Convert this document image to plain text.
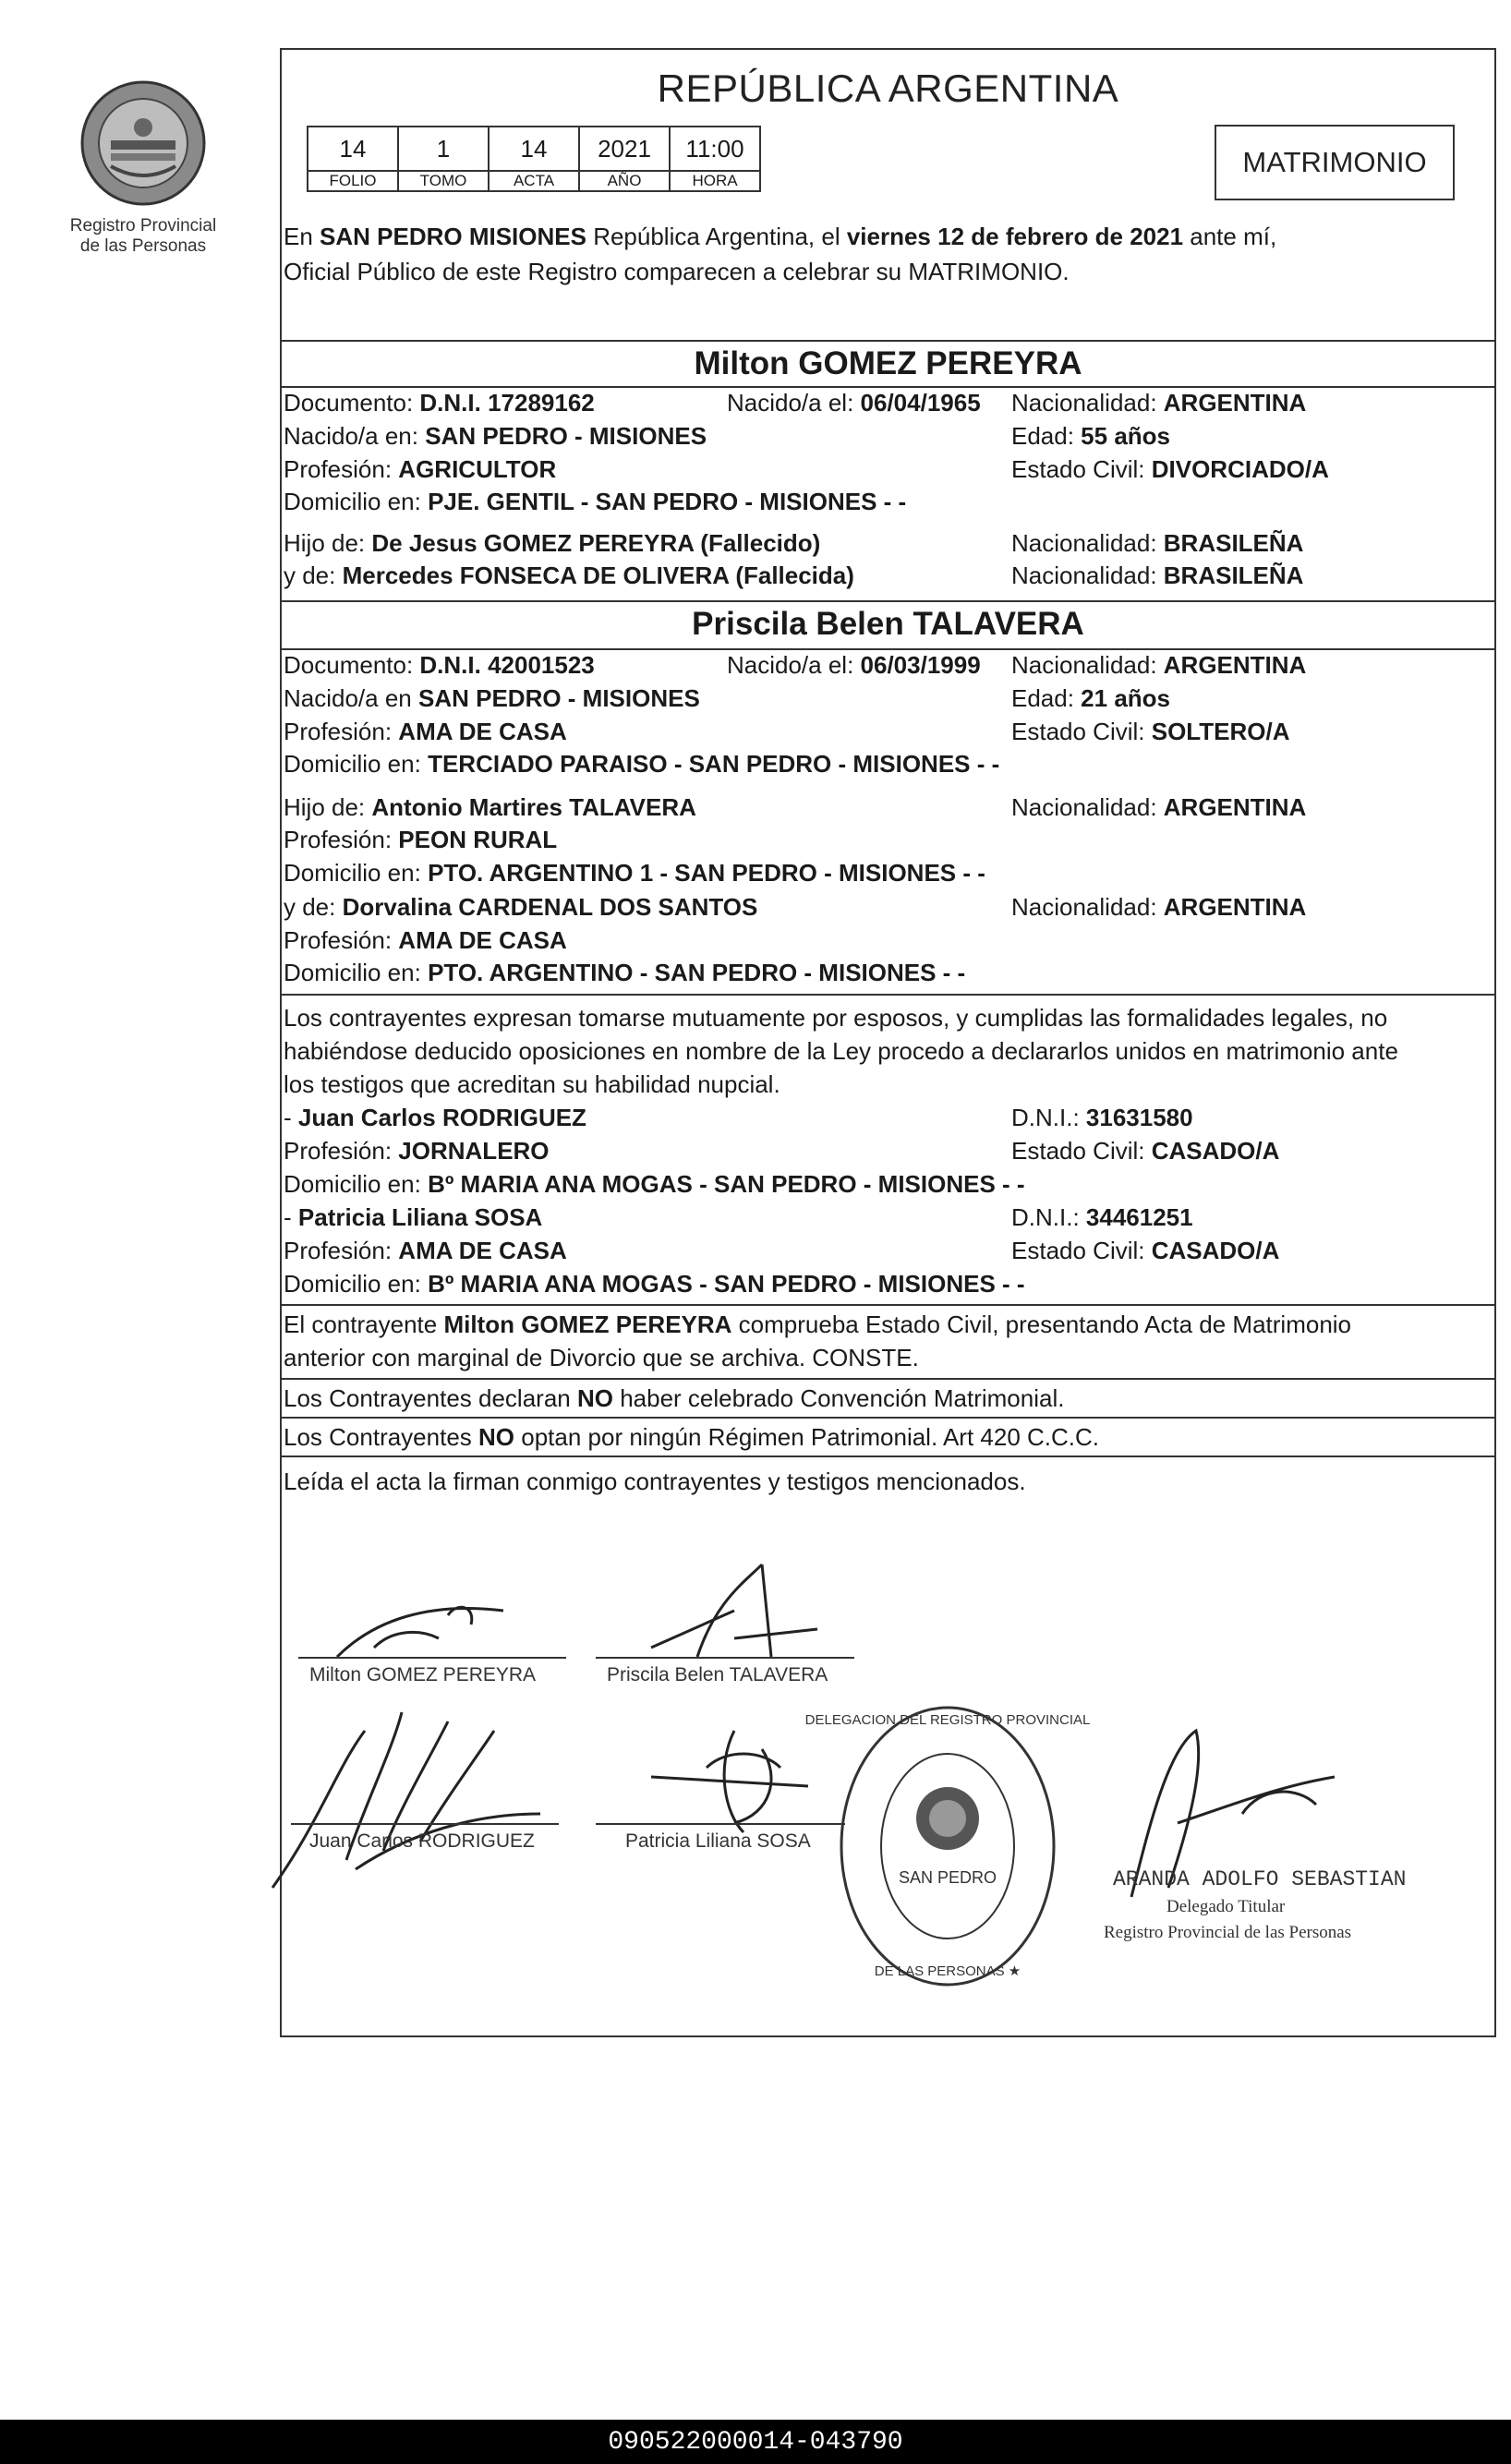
Registro Provincial
de las Personas
REPÚBLICA ARGENTINA
14	1	14	2021	11:00
FOLIO	TOMO	ACTA	AÑO	HORA
MATRIMONIO
En SAN PEDRO MISIONES República Argentina, el viernes 12 de febrero de 2021 ante mí,
Oficial Público de este Registro comparecen a celebrar su MATRIMONIO.
Milton GOMEZ PEREYRA
Documento: D.N.I. 17289162	Nacido/a el: 06/04/1965 Nacionalidad: ARGENTINA
Nacido/a en: SAN PEDRO - MISIONES	Edad: 55 años
Profesión: AGRICULTOR	Estado Civil: DIVORCIADO/A
Domicilio en: PJE. GENTIL - SAN PEDRO - MISIONES - -
Hijo de: De Jesus GOMEZ PEREYRA (Fallecido)	Nacionalidad: BRASILEÑA
y de: Mercedes FONSECA DE OLIVERA (Fallecida)	Nacionalidad: BRASILEÑA
Priscila Belen TALAVERA
Documento: D.N.I. 42001523	Nacido/a el: 06/03/1999 Nacionalidad: ARGENTINA
Nacido/a en SAN PEDRO - MISIONES	Edad: 21 años
Profesión: AMA DE CASA	Estado Civil: SOLTERO/A
Domicilio en: TERCIADO PARAISO - SAN PEDRO - MISIONES - -
Hijo de: Antonio Martires TALAVERA	Nacionalidad: ARGENTINA
Profesión: PEON RURAL
Domicilio en: PTO. ARGENTINO 1 - SAN PEDRO - MISIONES - -
y de: Dorvalina CARDENAL DOS SANTOS	Nacionalidad: ARGENTINA
Profesión: AMA DE CASA
Domicilio en: PTO. ARGENTINO - SAN PEDRO - MISIONES - -
Los contrayentes expresan tomarse mutuamente por esposos, y cumplidas las formalidades legales, no
habiéndose deducido oposiciones en nombre de la Ley procedo a declararlos unidos en matrimonio ante
los testigos que acreditan su habilidad nupcial.
- Juan Carlos RODRIGUEZ	D.N.I.: 31631580
Profesión: JORNALERO	Estado Civil: CASADO/A
Domicilio en: Bº MARIA ANA MOGAS - SAN PEDRO - MISIONES - -
- Patricia Liliana SOSA	D.N.I.: 34461251
Profesión: AMA DE CASA	Estado Civil: CASADO/A
Domicilio en: Bº MARIA ANA MOGAS - SAN PEDRO - MISIONES - -
El contrayente Milton GOMEZ PEREYRA comprueba Estado Civil, presentando Acta de Matrimonio
anterior con marginal de Divorcio que se archiva. CONSTE.
Los Contrayentes declaran NO haber celebrado Convención Matrimonial.
Los Contrayentes NO optan por ningún Régimen Patrimonial. Art 420 C.C.C.
Leída el acta la firman conmigo contrayentes y testigos mencionados.
Milton GOMEZ PEREYRA	Priscila Belen TALAVERA
Juan Carlos RODRIGUEZ	Patricia Liliana SOSA
SAN PEDRO
DELEGACION DEL REGISTRO PROVINCIAL
DE LAS PERSONAS ★
ARANDA ADOLFO SEBASTIAN
Delegado Titular
Registro Provincial de las Personas
090522000014-043790
